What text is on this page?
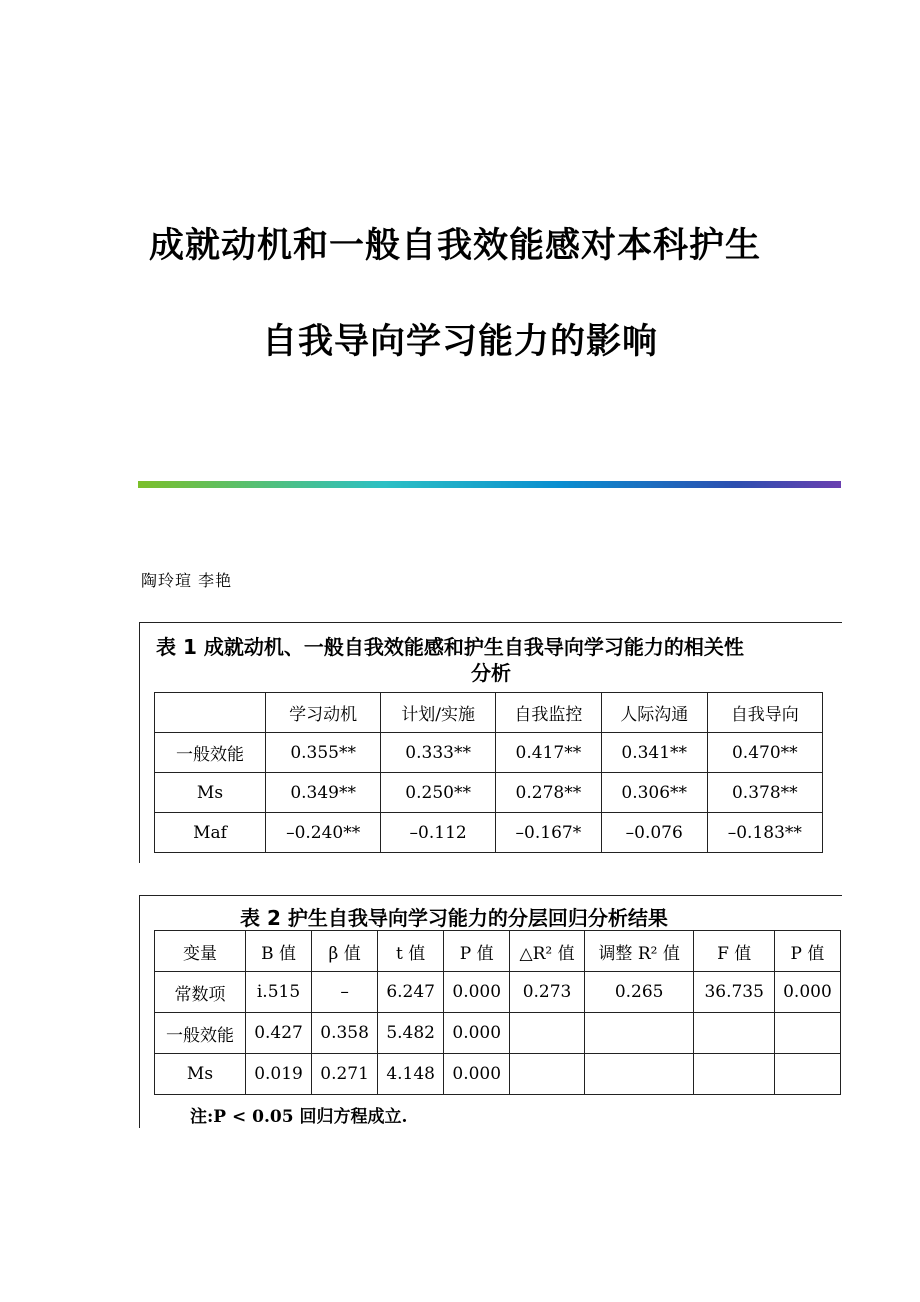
成就动机和一般自我效能感对本科护生
自我导向学习能力的影响
陶玲瑄 李艳
表 1 成就动机、一般自我效能感和护生自我导向学习能力的相关性
分析
	学习动机	计划/实施	自我监控	人际沟通	自我导向
一般效能	0.355**	0.333**	0.417**	0.341**	0.470**
Ms	0.349**	0.250**	0.278**	0.306**	0.378**
Maf	–0.240**	–0.112	–0.167*	–0.076	–0.183**
表 2 护生自我导向学习能力的分层回归分析结果
变量	B 值	β 值	t 值	P 值	△R² 值	调整 R² 值	F 值	P 值
常数项	i.515	–	6.247	0.000	0.273	0.265	36.735	0.000
一般效能	0.427	0.358	5.482	0.000				
Ms	0.019	0.271	4.148	0.000				
注:P < 0.05 回归方程成立.
